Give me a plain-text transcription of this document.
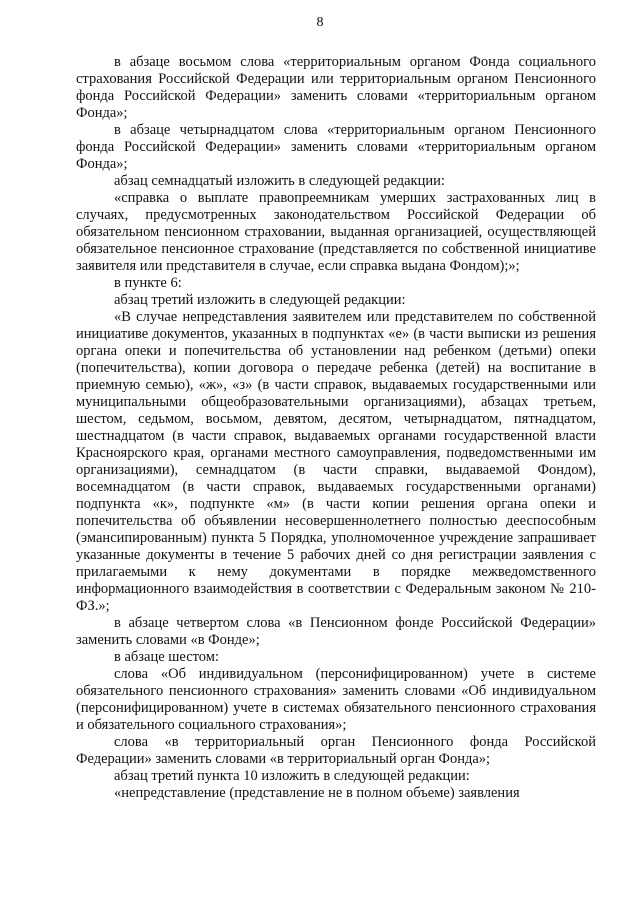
8

в абзаце восьмом слова «территориальным органом Фонда социального страхования Российской Федерации или территориальным органом Пенсионного фонда Российской Федерации» заменить словами «территориальным органом Фонда»;

в абзаце четырнадцатом слова «территориальным органом Пенсионного фонда Российской Федерации» заменить словами «территориальным органом Фонда»;

абзац семнадцатый изложить в следующей редакции:

«справка о выплате правопреемникам умерших застрахованных лиц в случаях, предусмотренных законодательством Российской Федерации об обязательном пенсионном страховании, выданная организацией, осуществляющей обязательное пенсионное страхование (представляется по собственной инициативе заявителя или представителя в случае, если справка выдана Фондом);»;

в пункте 6:

абзац третий изложить в следующей редакции:

«В случае непредставления заявителем или представителем по собственной инициативе документов, указанных в подпунктах «е» (в части выписки из решения органа опеки и попечительства об установлении над ребенком (детьми) опеки (попечительства), копии договора о передаче ребенка (детей) на воспитание в приемную семью), «ж», «з» (в части справок, выдаваемых государственными или муниципальными общеобразовательными организациями), абзацах третьем, шестом, седьмом, восьмом, девятом, десятом, четырнадцатом, пятнадцатом, шестнадцатом (в части справок, выдаваемых органами государственной власти Красноярского края, органами местного самоуправления, подведомственными им организациями), семнадцатом (в части справки, выдаваемой Фондом), восемнадцатом (в части справок, выдаваемых государственными органами) подпункта «к», подпункте «м» (в части копии решения органа опеки и попечительства об объявлении несовершеннолетнего полностью дееспособным (эмансипированным) пункта 5 Порядка, уполномоченное учреждение запрашивает указанные документы в течение 5 рабочих дней со дня регистрации заявления с прилагаемыми к нему документами в порядке межведомственного информационного взаимодействия в соответствии с Федеральным законом № 210-ФЗ.»;

в абзаце четвертом слова «в Пенсионном фонде Российской Федерации» заменить словами «в Фонде»;

в абзаце шестом:

слова «Об индивидуальном (персонифицированном) учете в системе обязательного пенсионного страхования» заменить словами «Об индивидуальном (персонифицированном) учете в системах обязательного пенсионного страхования и обязательного социального страхования»;

слова «в территориальный орган Пенсионного фонда Российской Федерации» заменить словами «в территориальный орган Фонда»;

абзац третий пункта 10 изложить в следующей редакции:

«непредставление (представление не в полном объеме) заявления
